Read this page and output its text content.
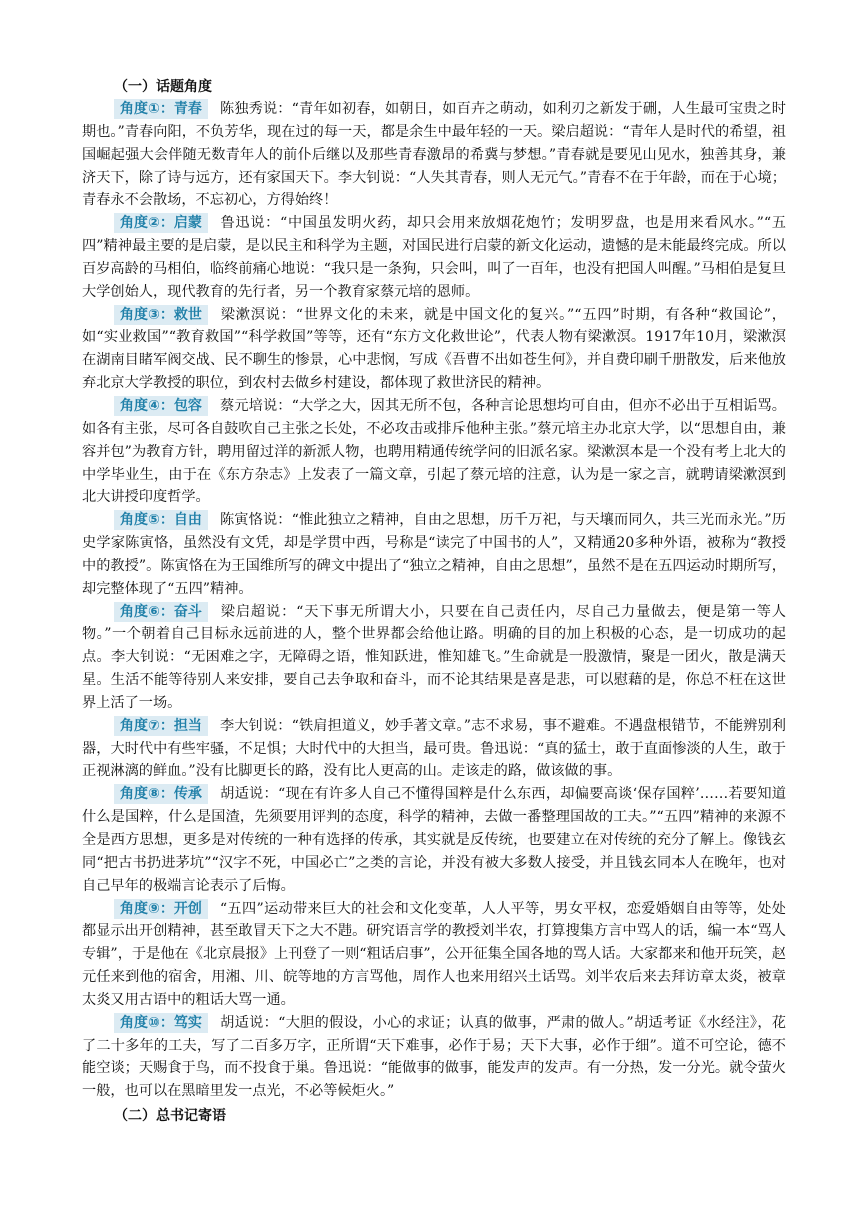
（一）话题角度

角度①：青春 陈独秀说：“青年如初春，如朝日，如百卉之萌动，如利刃之新发于硎，人生最可宝贵之时期也。”青春向阳，不负芳华，现在过的每一天，都是余生中最年轻的一天。梁启超说：“青年人是时代的希望，祖国崛起强大会伴随无数青年人的前仆后继以及那些青春激昂的希冀与梦想。”青春就是要见山见水，独善其身，兼济天下，除了诗与远方，还有家国天下。李大钊说：“人失其青春，则人无元气。”青春不在于年龄，而在于心境；青春永不会散场，不忘初心，方得始终！

角度②：启蒙 鲁迅说：“中国虽发明火药，却只会用来放烟花炮竹；发明罗盘，也是用来看风水。”“五四”精神最主要的是启蒙，是以民主和科学为主题，对国民进行启蒙的新文化运动，遗憾的是未能最终完成。所以百岁高龄的马相伯，临终前痛心地说：“我只是一条狗，只会叫，叫了一百年，也没有把国人叫醒。”马相伯是复旦大学创始人，现代教育的先行者，另一个教育家蔡元培的恩师。

角度③：救世 梁漱溟说：“世界文化的未来，就是中国文化的复兴。”“五四”时期，有各种“救国论”，如“实业救国”“教育救国”“科学救国”等等，还有“东方文化救世论”，代表人物有梁漱溟。1917年10月，梁漱溟在湖南目睹军阀交战、民不聊生的惨景，心中悲悯，写成《吾曹不出如苍生何》，并自费印刷千册散发，后来他放弃北京大学教授的职位，到农村去做乡村建设，都体现了救世济民的精神。

角度④：包容 蔡元培说：“大学之大，因其无所不包，各种言论思想均可自由，但亦不必出于互相诟骂。如各有主张，尽可各自鼓吹自己主张之长处，不必攻击或排斥他种主张。”蔡元培主办北京大学，以“思想自由，兼容并包”为教育方针，聘用留过洋的新派人物，也聘用精通传统学问的旧派名家。梁漱溟本是一个没有考上北大的中学毕业生，由于在《东方杂志》上发表了一篇文章，引起了蔡元培的注意，认为是一家之言，就聘请梁漱溟到北大讲授印度哲学。

角度⑤：自由 陈寅恪说：“惟此独立之精神，自由之思想，历千万祀，与天壤而同久，共三光而永光。”历史学家陈寅恪，虽然没有文凭，却是学贯中西，号称是“读完了中国书的人”，又精通20多种外语，被称为“教授中的教授”。陈寅恪在为王国维所写的碑文中提出了“独立之精神，自由之思想”，虽然不是在五四运动时期所写，却完整体现了“五四”精神。

角度⑥：奋斗 梁启超说：“天下事无所谓大小，只要在自己责任内，尽自己力量做去，便是第一等人物。”一个朝着自己目标永远前进的人，整个世界都会给他让路。明确的目的加上积极的心态，是一切成功的起点。李大钊说：“无困难之字，无障碍之语，惟知跃进，惟知雄飞。”生命就是一股激情，聚是一团火，散是满天星。生活不能等待别人来安排，要自己去争取和奋斗，而不论其结果是喜是悲，可以慰藉的是，你总不枉在这世界上活了一场。

角度⑦：担当 李大钊说：“铁肩担道义，妙手著文章。”志不求易，事不避难。不遇盘根错节，不能辨别利器，大时代中有些牢骚，不足惧；大时代中的大担当，最可贵。鲁迅说：“真的猛士，敢于直面惨淡的人生，敢于正视淋漓的鲜血。”没有比脚更长的路，没有比人更高的山。走该走的路，做该做的事。

角度⑧：传承 胡适说：“现在有许多人自己不懂得国粹是什么东西，却偏要高谈‘保存国粹’……若要知道什么是国粹，什么是国渣，先须要用评判的态度，科学的精神，去做一番整理国故的工夫。”“五四”精神的来源不全是西方思想，更多是对传统的一种有选择的传承，其实就是反传统，也要建立在对传统的充分了解上。像钱玄同“把古书扔进茅坑”“汉字不死，中国必亡”之类的言论，并没有被大多数人接受，并且钱玄同本人在晚年，也对自己早年的极端言论表示了后悔。

角度⑨：开创 “五四”运动带来巨大的社会和文化变革，人人平等，男女平权，恋爱婚姻自由等等，处处都显示出开创精神，甚至敢冒天下之大不韪。研究语言学的教授刘半农，打算搜集方言中骂人的话，编一本“骂人专辑”，于是他在《北京晨报》上刊登了一则“粗话启事”，公开征集全国各地的骂人话。大家都来和他开玩笑，赵元任来到他的宿舍，用湘、川、皖等地的方言骂他，周作人也来用绍兴土话骂。刘半农后来去拜访章太炎，被章太炎又用古语中的粗话大骂一通。

角度⑩：笃实 胡适说：“大胆的假设，小心的求证；认真的做事，严肃的做人。”胡适考证《水经注》，花了二十多年的工夫，写了二百多万字，正所谓“天下难事，必作于易；天下大事，必作于细”。道不可空论，德不能空谈；天赐食于鸟，而不投食于巢。鲁迅说：“能做事的做事，能发声的发声。有一分热，发一分光。就令萤火一般，也可以在黑暗里发一点光，不必等候炬火。”

（二）总书记寄语
